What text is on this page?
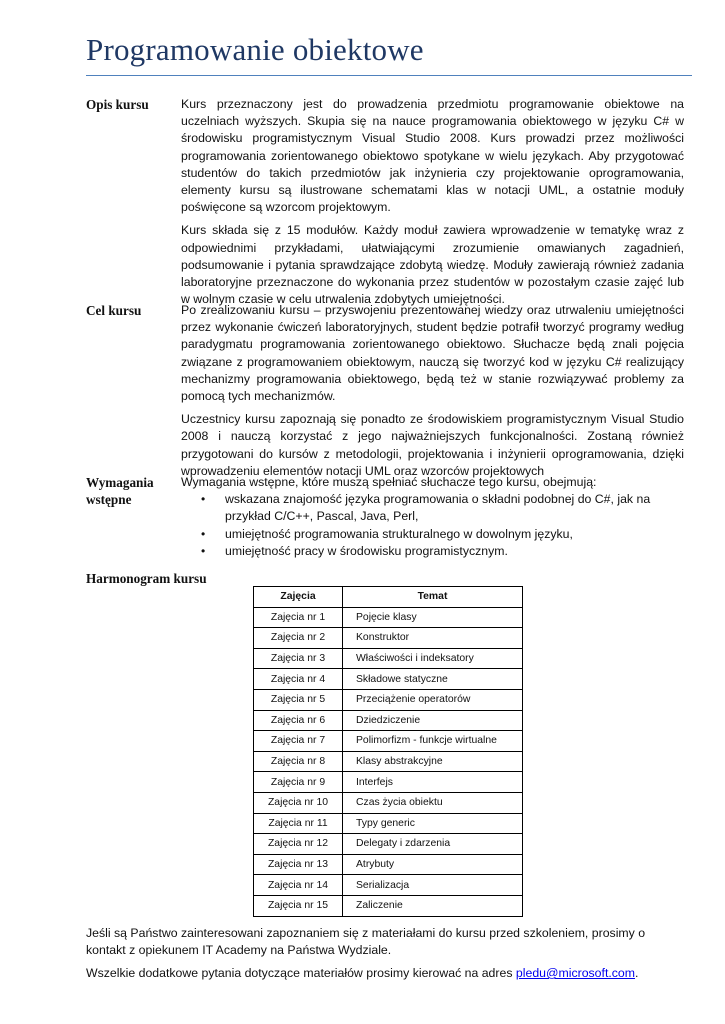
Programowanie obiektowe
Opis kursu	Kurs przeznaczony jest do prowadzenia przedmiotu programowanie obiektowe na uczelniach wyższych. Skupia się na nauce programowania obiektowego w języku C# w środowisku programistycznym Visual Studio 2008. Kurs prowadzi przez możliwości programowania zorientowanego obiektowo spotykane w wielu językach. Aby przygotować studentów do takich przedmiotów jak inżynieria czy projektowanie oprogramowania, elementy kursu są ilustrowane schematami klas w notacji UML, a ostatnie moduły poświęcone są wzorcom projektowym.

Kurs składa się z 15 modułów. Każdy moduł zawiera wprowadzenie w tematykę wraz z odpowiednimi przykładami, ułatwiającymi zrozumienie omawianych zagadnień, podsumowanie i pytania sprawdzające zdobytą wiedzę. Moduły zawierają również zadania laboratoryjne przeznaczone do wykonania przez studentów w pozostałym czasie zajęć lub w wolnym czasie w celu utrwalenia zdobytych umiejętności.

Cel kursu	Po zrealizowaniu kursu – przyswojeniu prezentowanej wiedzy oraz utrwaleniu umiejętności przez wykonanie ćwiczeń laboratoryjnych, student będzie potrafił tworzyć programy według paradygmatu programowania zorientowanego obiektowo. Słuchacze będą znali pojęcia związane z programowaniem obiektowym, nauczą się tworzyć kod w języku C# realizujący mechanizmy programowania obiektowego, będą też w stanie rozwiązywać problemy za pomocą tych mechanizmów.

Uczestnicy kursu zapoznają się ponadto ze środowiskiem programistycznym Visual Studio 2008 i nauczą korzystać z jego najważniejszych funkcjonalności. Zostaną również przygotowani do kursów z metodologii, projektowania i inżynierii oprogramowania, dzięki wprowadzeniu elementów notacji UML oraz wzorców projektowych

Wymagania wstępne

Wymagania wstępne, które muszą spełniać słuchacze tego kursu, obejmują:

• wskazana znajomość języka programowania o składni podobnej do C#, jak na przykład C/C++, Pascal, Java, Perl,
• umiejętność programowania strukturalnego w dowolnym języku,
• umiejętność pracy w środowisku programistycznym.
Harmonogram kursu
Zajęcia	Temat
Zajęcia nr 1	Pojęcie klasy
Zajęcia nr 2	Konstruktor
Zajęcia nr 3	Właściwości i indeksatory
Zajęcia nr 4	Składowe statyczne
Zajęcia nr 5	Przeciążenie operatorów
Zajęcia nr 6	Dziedziczenie
Zajęcia nr 7	Polimorfizm - funkcje wirtualne
Zajęcia nr 8	Klasy abstrakcyjne
Zajęcia nr 9	Interfejs
Zajęcia nr 10	Czas życia obiektu
Zajęcia nr 11	Typy generic
Zajęcia nr 12	Delegaty i zdarzenia
Zajęcia nr 13	Atrybuty
Zajęcia nr 14	Serializacja
Zajęcia nr 15	Zaliczenie

Jeśli są Państwo zainteresowani zapoznaniem się z materiałami do kursu przed szkoleniem, prosimy o kontakt z opiekunem IT Academy na Państwa Wydziale.

Wszelkie dodatkowe pytania dotyczące materiałów prosimy kierować na adres pledu@microsoft.com.
